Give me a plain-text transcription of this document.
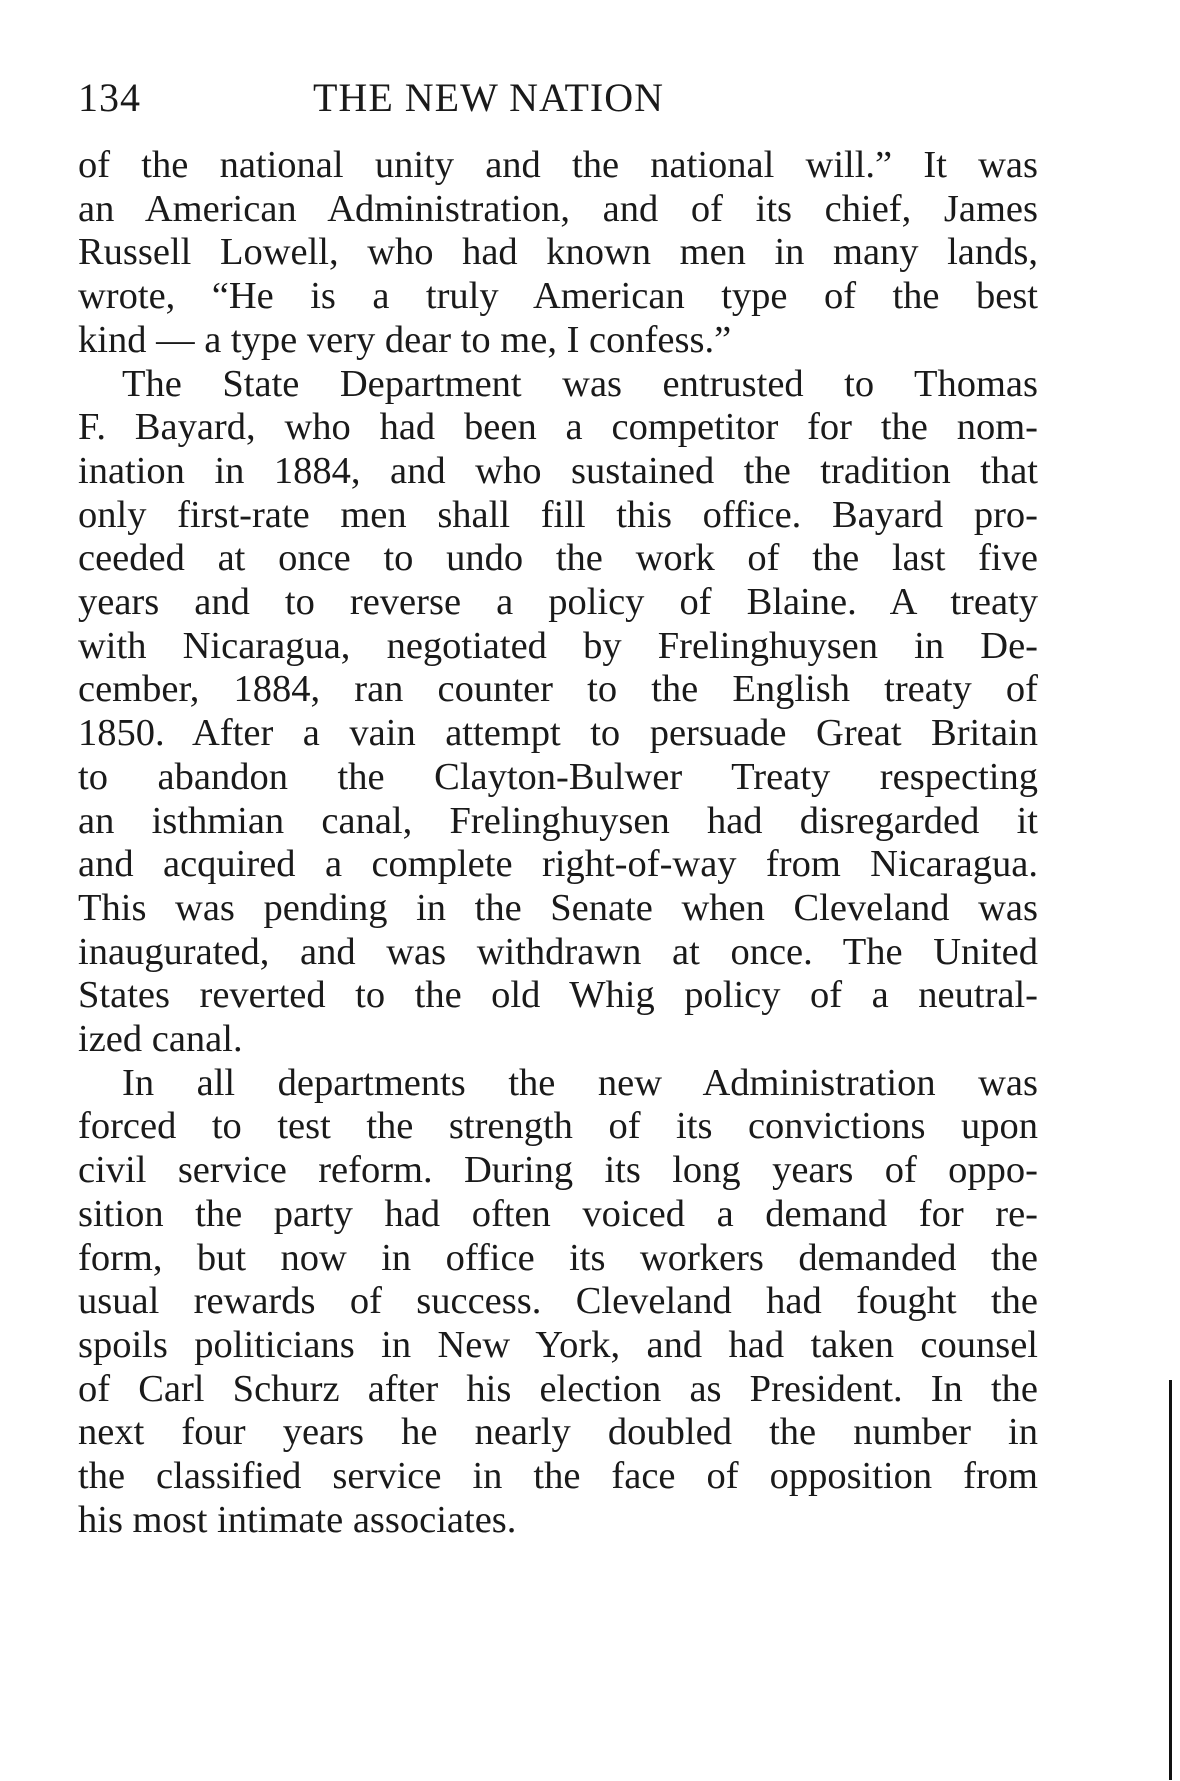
134	THE NEW NATION
of the national unity and the national will.” It was
an American Administration, and of its chief, James
Russell Lowell, who had known men in many lands,
wrote, “He is a truly American type of the best
kind — a type very dear to me, I confess.”
The State Department was entrusted to Thomas
F. Bayard, who had been a competitor for the nom-
ination in 1884, and who sustained the tradition that
only first-rate men shall fill this office. Bayard pro-
ceeded at once to undo the work of the last five
years and to reverse a policy of Blaine. A treaty
with Nicaragua, negotiated by Frelinghuysen in De-
cember, 1884, ran counter to the English treaty of
1850. After a vain attempt to persuade Great Britain
to abandon the Clayton-Bulwer Treaty respecting
an isthmian canal, Frelinghuysen had disregarded it
and acquired a complete right-of-way from Nicaragua.
This was pending in the Senate when Cleveland was
inaugurated, and was withdrawn at once. The United
States reverted to the old Whig policy of a neutral-
ized canal.
In all departments the new Administration was
forced to test the strength of its convictions upon
civil service reform. During its long years of oppo-
sition the party had often voiced a demand for re-
form, but now in office its workers demanded the
usual rewards of success. Cleveland had fought the
spoils politicians in New York, and had taken counsel
of Carl Schurz after his election as President. In the
next four years he nearly doubled the number in
the classified service in the face of opposition from
his most intimate associates.
